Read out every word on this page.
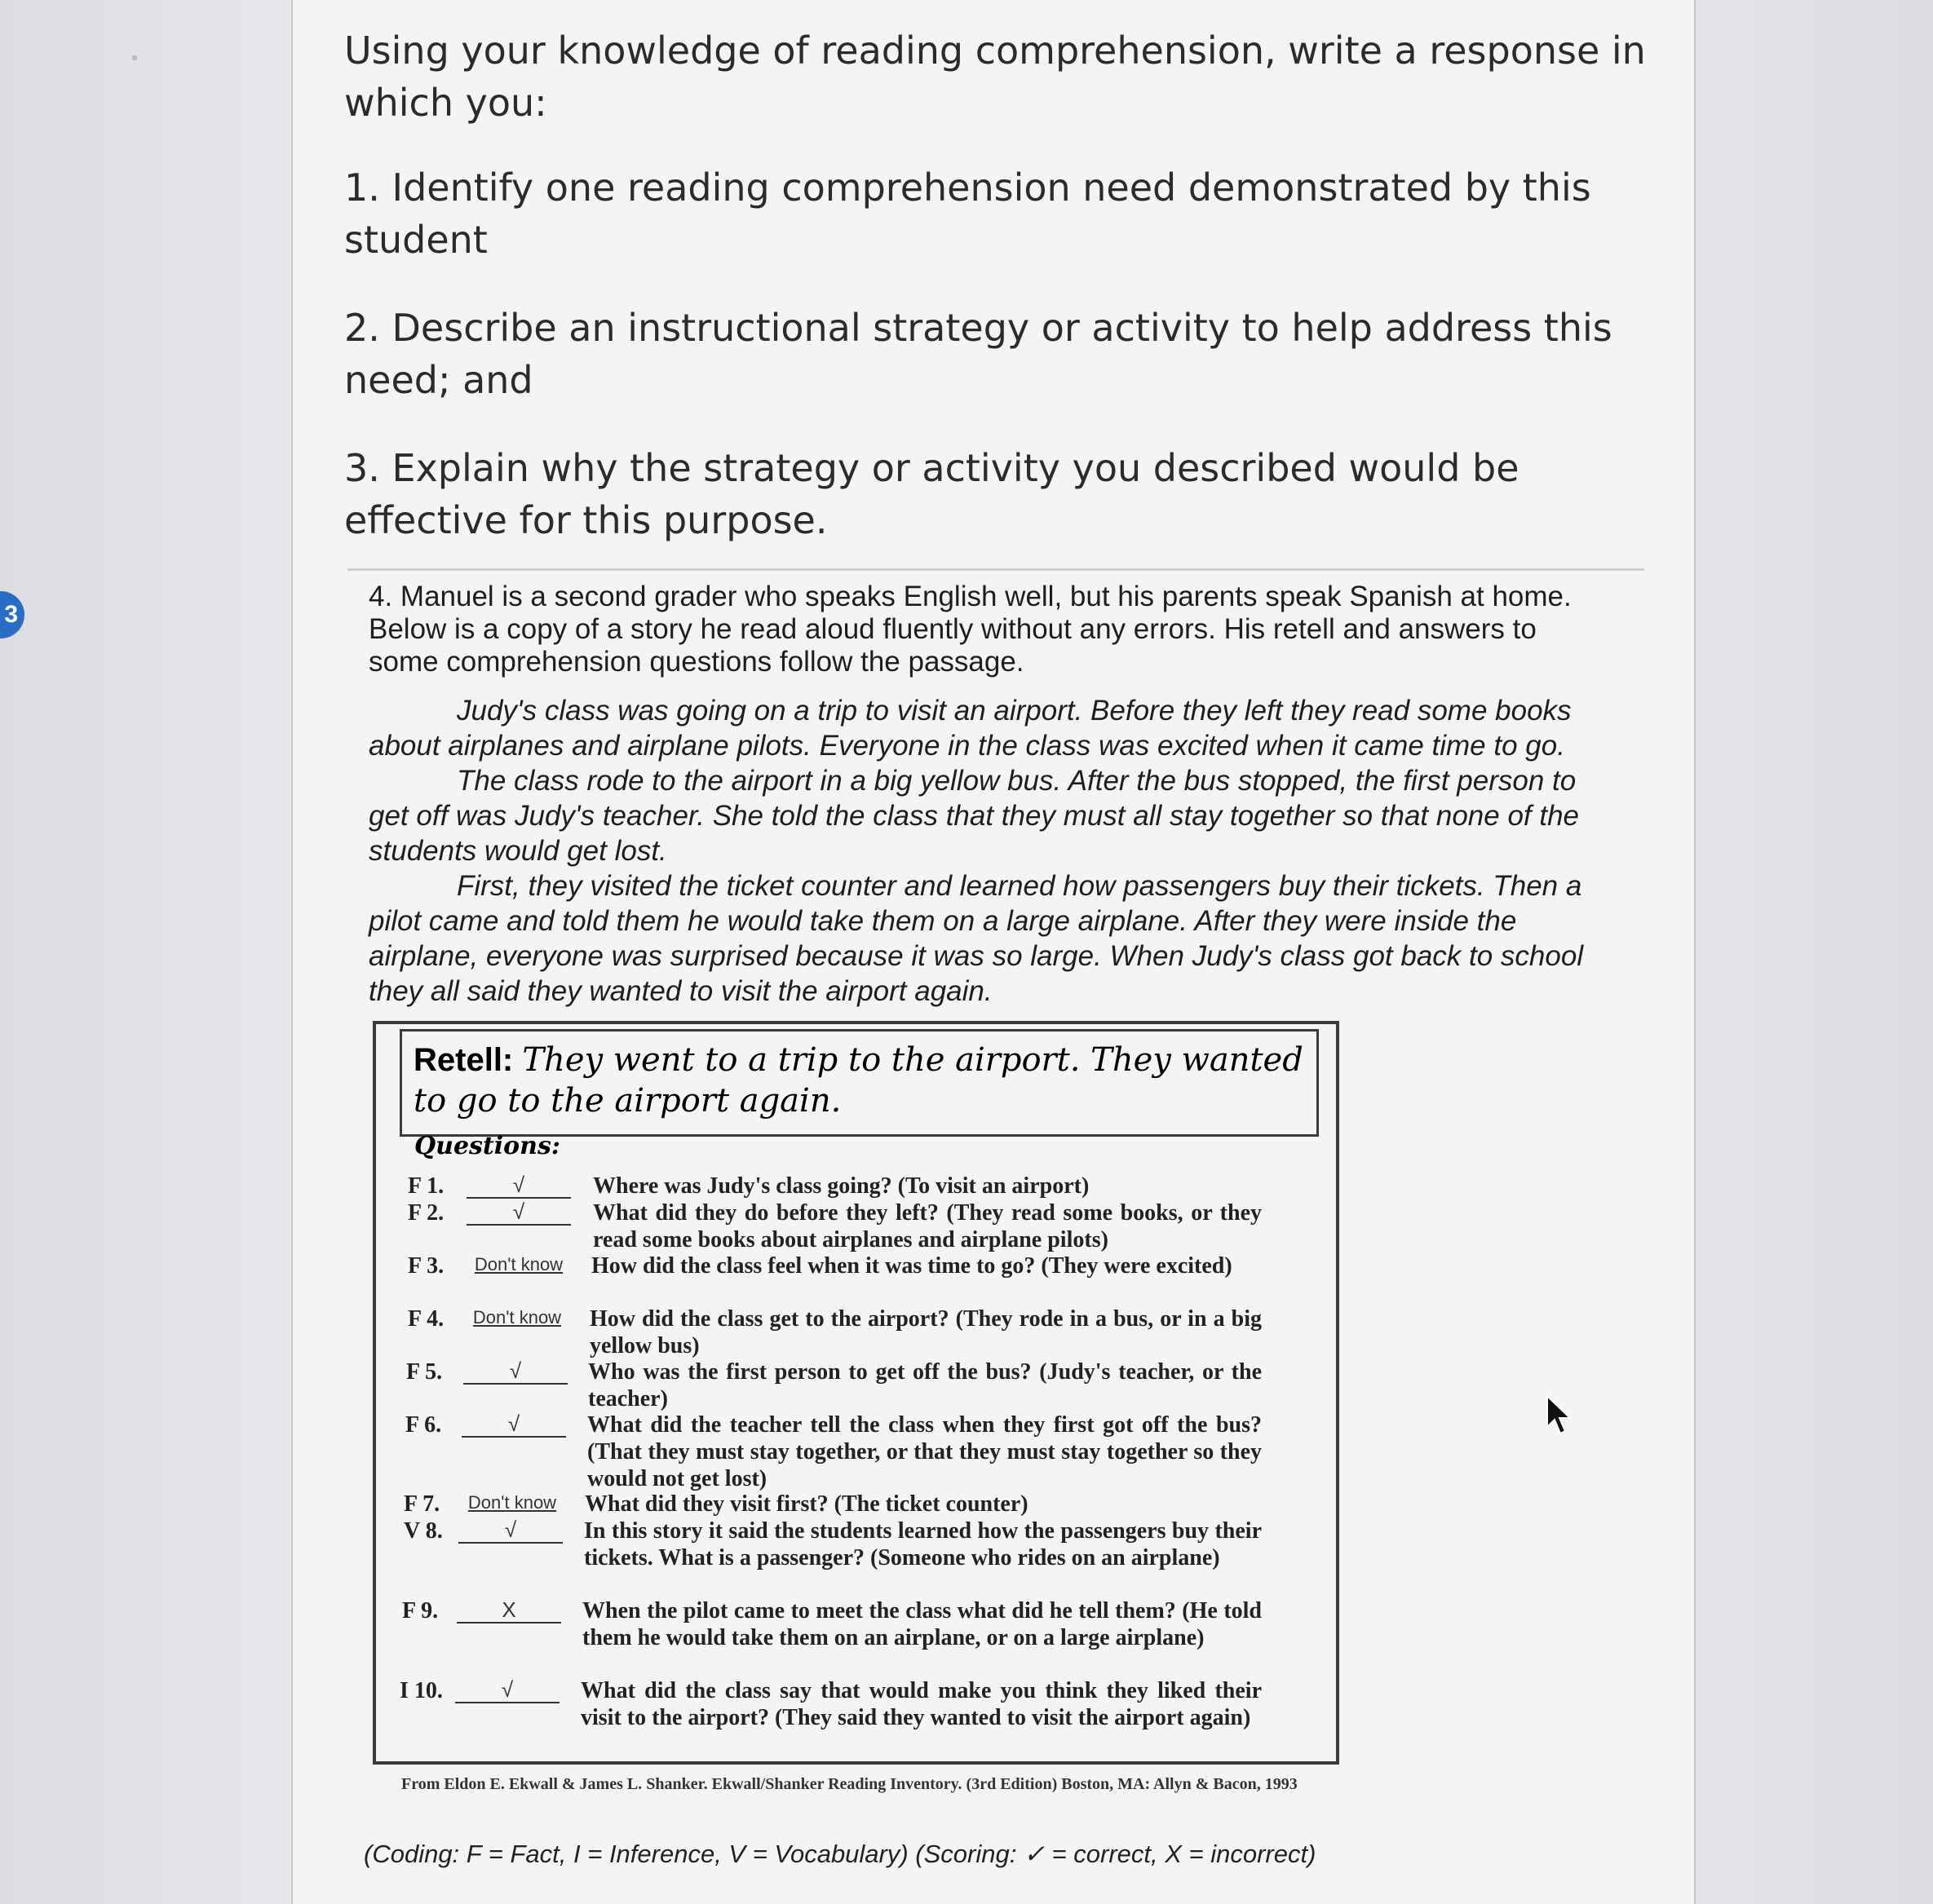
3

Using your knowledge of reading comprehension, write a response in which you:

1. Identify one reading comprehension need demonstrated by this student
2. Describe an instructional strategy or activity to help address this need; and
3. Explain why the strategy or activity you described would be effective for this purpose.

4. Manuel is a second grader who speaks English well, but his parents speak Spanish at home. Below is a copy of a story he read aloud fluently without any errors. His retell and answers to some comprehension questions follow the passage.

Judy's class was going on a trip to visit an airport. Before they left they read some books about airplanes and airplane pilots. Everyone in the class was excited when it came time to go.

The class rode to the airport in a big yellow bus. After the bus stopped, the first person to get off was Judy's teacher. She told the class that they must all stay together so that none of the students would get lost.

First, they visited the ticket counter and learned how passengers buy their tickets. Then a pilot came and told them he would take them on a large airplane. After they were inside the airplane, everyone was surprised because it was so large. When Judy's class got back to school they all said they wanted to visit the airport again.

Retell: They went to a trip to the airport. They wanted to go to the airport again.
Questions:
F 1.	√	Where was Judy's class going? (To visit an airport)
F 2.	√	What did they do before they left? (They read some books, or they read some books about airplanes and airplane pilots)
F 3.	Don't know	How did the class feel when it was time to go? (They were excited)
F 4.	Don't know	How did the class get to the airport? (They rode in a bus, or in a big yellow bus)
F 5.	√	Who was the first person to get off the bus? (Judy's teacher, or the teacher)
F 6.	√	What did the teacher tell the class when they first got off the bus? (That they must stay together, or that they must stay together so they would not get lost)
F 7.	Don't know	What did they visit first? (The ticket counter)
V 8.	√	In this story it said the students learned how the passengers buy their tickets. What is a passenger? (Someone who rides on an airplane)
F 9.	X	When the pilot came to meet the class what did he tell them? (He told them he would take them on an airplane, or on a large airplane)
I 10.	√	What did the class say that would make you think they liked their visit to the airport? (They said they wanted to visit the airport again)
From Eldon E. Ekwall & James L. Shanker. Ekwall/Shanker Reading Inventory. (3rd Edition) Boston, MA: Allyn & Bacon, 1993
(Coding: F = Fact, I = Inference, V = Vocabulary) (Scoring: ✓ = correct, X = incorrect)
